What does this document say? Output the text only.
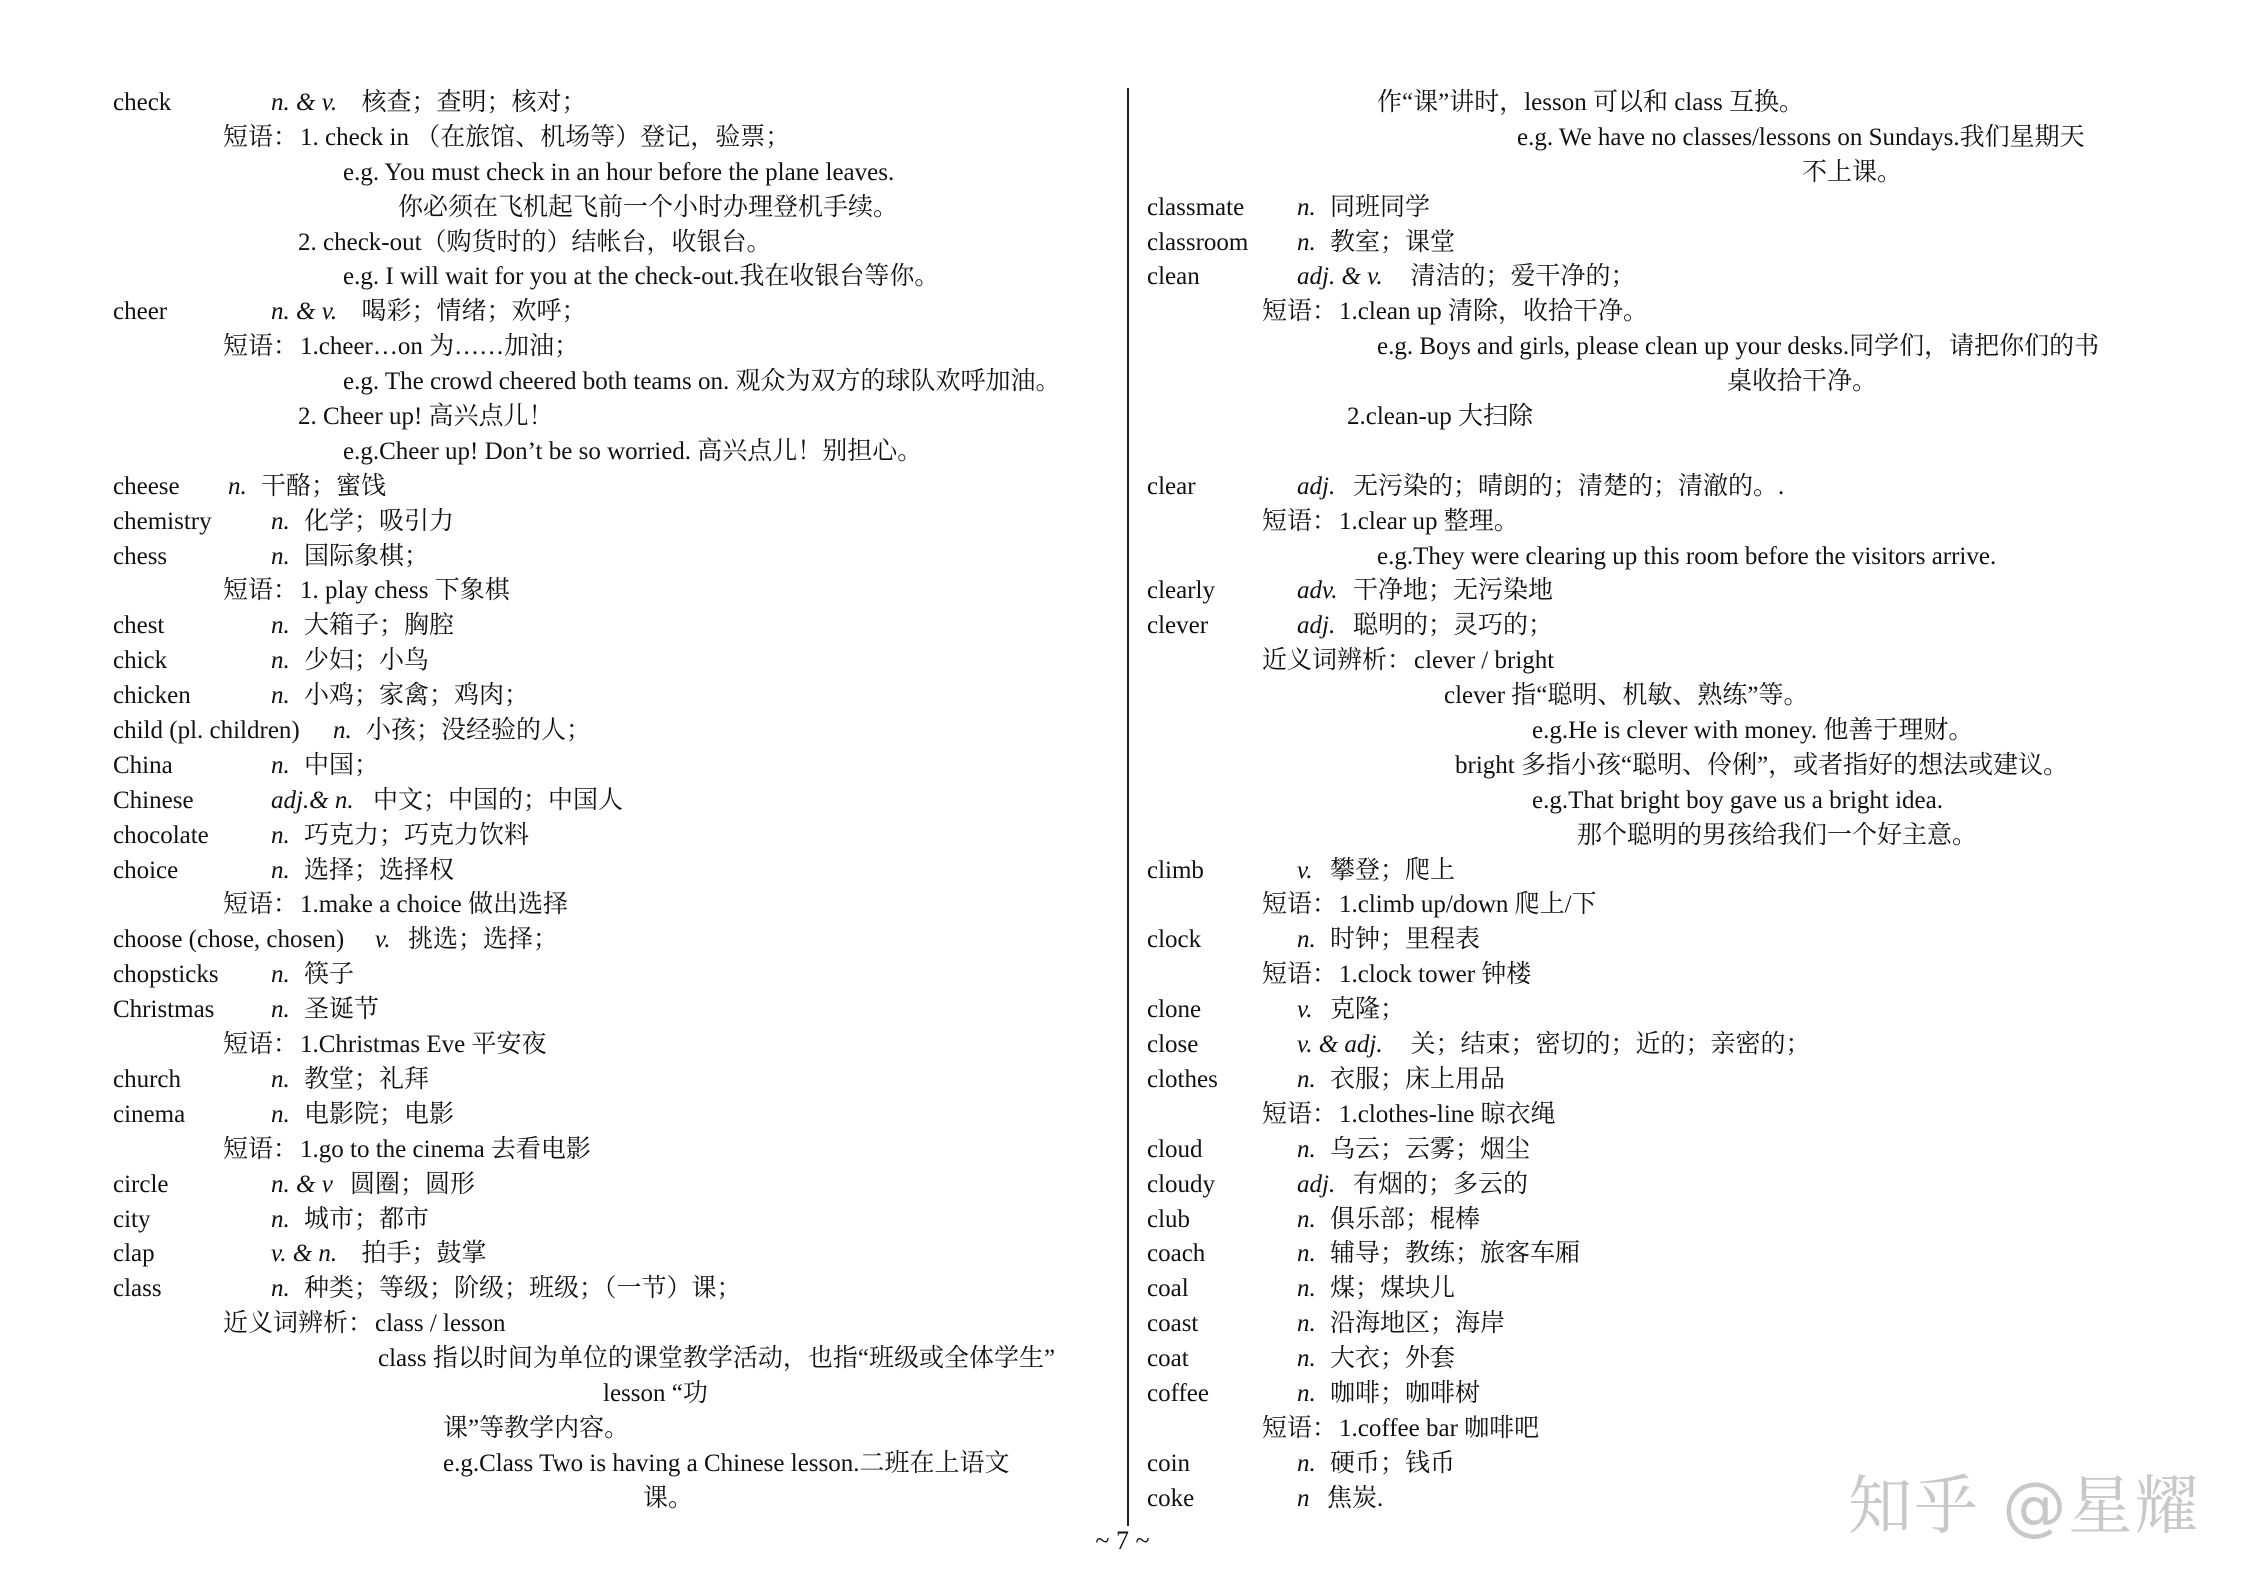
check	n. & v. 核查；查明；核对；
短语： 1. check in （在旅馆、机场等）登记，验票；
e.g. You must check in an hour before the plane leaves.
你必须在飞机起飞前一个小时办理登机手续。
2. check-out（购货时的）结帐台，收银台。
e.g. I will wait for you at the check-out.我在收银台等你。
cheer	n. & v. 喝彩；情绪；欢呼；
短语： 1.cheer…on 为……加油；
e.g. The crowd cheered both teams on. 观众为双方的球队欢呼加油。
2. Cheer up! 高兴点儿！
e.g.Cheer up! Don’t be so worried. 高兴点儿！别担心。
cheese n. 干酪；蜜饯
chemistry n. 化学；吸引力
chess	n. 国际象棋；
短语： 1. play chess 下象棋
chest	n. 大箱子；胸腔
chick	n. 少妇；小鸟
chicken	n. 小鸡；家禽；鸡肉；
child (pl. children) n. 小孩；没经验的人；
China	n. 中国；
Chinese	adj.& n. 中文；中国的；中国人
chocolate n. 巧克力；巧克力饮料
choice	n. 选择；选择权
短语： 1.make a choice 做出选择
choose (chose, chosen) v. 挑选；选择；
chopsticks n. 筷子
Christmas n. 圣诞节
短语： 1.Christmas Eve 平安夜
church	n. 教堂；礼拜
cinema	n. 电影院；电影
短语： 1.go to the cinema 去看电影
circle	n. & v 圆圈；圆形
city	n. 城市；都市
clap	v. & n. 拍手；鼓掌
class	n. 种类；等级；阶级；班级；（一节）课；
近义词辨析： class / lesson
class 指以时间为单位的课堂教学活动，也指“班级或全体学生”
lesson “功
课”等教学内容。
e.g.Class Two is having a Chinese lesson.二班在上语文
课。
作“课”讲时，lesson 可以和 class 互换。
e.g. We have no classes/lessons on Sundays.我们星期天
不上课。
classmate n. 同班同学
classroom n. 教室；课堂
clean	adj. & v. 清洁的；爱干净的；
短语： 1.clean up 清除，收拾干净。
e.g. Boys and girls, please clean up your desks.同学们，请把你们的书
桌收拾干净。
2.clean-up 大扫除
clear	adj. 无污染的；晴朗的；清楚的；清澈的。.
短语： 1.clear up 整理。
e.g.They were clearing up this room before the visitors arrive.
clearly	adv. 干净地；无污染地
clever	adj. 聪明的；灵巧的；
近义词辨析： clever / bright
clever 指“聪明、机敏、熟练”等。
e.g.He is clever with money. 他善于理财。
bright 多指小孩“聪明、伶俐”，或者指好的想法或建议。
e.g.That bright boy gave us a bright idea.
那个聪明的男孩给我们一个好主意。
climb	v. 攀登；爬上
短语： 1.climb up/down 爬上/下
clock	n. 时钟；里程表
短语： 1.clock tower 钟楼
clone	v. 克隆；
close	v. & adj. 关；结束；密切的；近的；亲密的；
clothes	n. 衣服；床上用品
短语： 1.clothes-line 晾衣绳
cloud	n. 乌云；云雾；烟尘
cloudy	adj. 有烟的；多云的
club	n. 俱乐部；棍棒
coach	n. 辅导；教练；旅客车厢
coal	n. 煤；煤块儿
coast	n. 沿海地区；海岸
coat	n. 大衣；外套
coffee	n. 咖啡；咖啡树
短语： 1.coffee bar 咖啡吧
coin	n. 硬币；钱币
coke	n 焦炭.
~ 7 ~	知乎 @星耀
